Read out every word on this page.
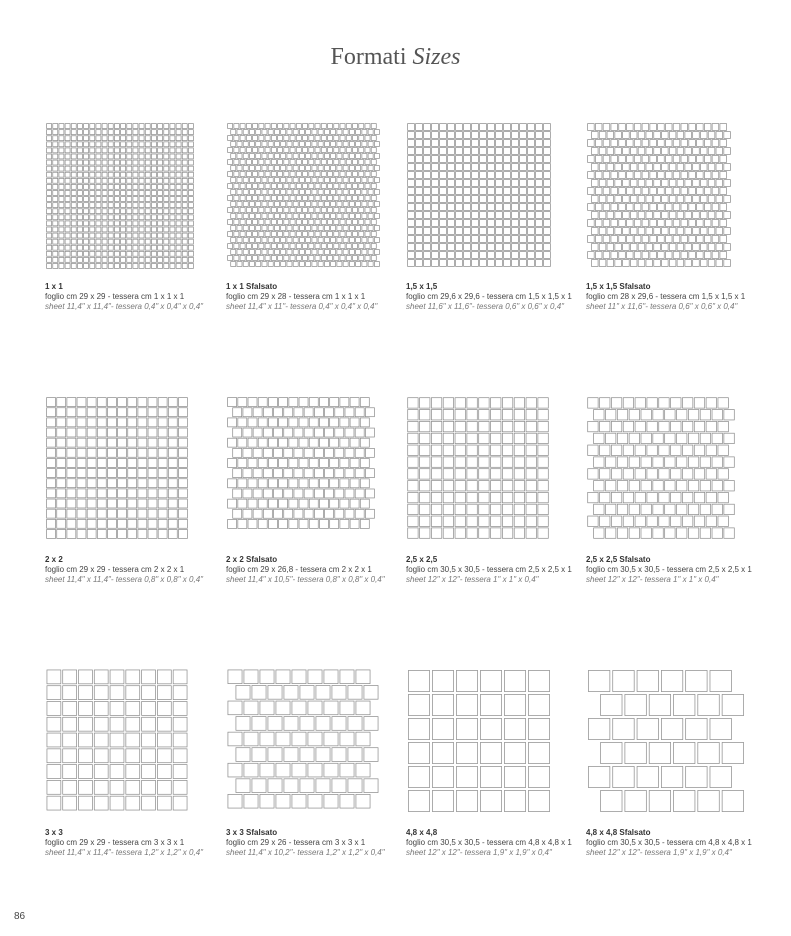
Formati Sizes
1 x 1
foglio cm 29 x 29 - tessera cm 1 x 1 x 1
sheet 11,4" x 11,4"- tessera 0,4" x 0,4" x 0,4"
1 x 1 Sfalsato
foglio cm 29 x 28 - tessera cm 1 x 1 x 1
sheet 11,4" x 11"- tessera 0,4" x 0,4" x 0,4"
1,5 x 1,5
foglio cm 29,6 x 29,6 - tessera cm 1,5 x 1,5 x 1
sheet 11,6" x 11,6"- tessera 0,6" x 0,6" x 0,4"
1,5 x 1,5 Sfalsato
foglio cm 28 x 29,6 - tessera cm 1,5 x 1,5 x 1
sheet 11" x 11,6"- tessera 0,6" x 0,6" x 0,4"
2 x 2
foglio cm 29 x 29 - tessera cm 2 x 2 x 1
sheet 11,4" x 11,4"- tessera 0,8" x 0,8" x 0,4"
2 x 2 Sfalsato
foglio cm 29 x 26,8 - tessera cm 2 x 2 x 1
sheet 11,4" x 10,5"- tessera 0,8" x 0,8" x 0,4"
2,5 x 2,5
foglio cm 30,5 x 30,5 - tessera cm 2,5 x 2,5 x 1
sheet 12" x 12"- tessera 1" x 1" x 0,4"
2,5 x 2,5 Sfalsato
foglio cm 30,5 x 30,5 - tessera cm 2,5 x 2,5 x 1
sheet 12" x 12"- tessera 1" x 1" x 0,4"
3 x 3
foglio cm 29 x 29 - tessera cm 3 x 3 x 1
sheet 11,4" x 11,4"- tessera 1,2" x 1,2" x 0,4"
3 x 3 Sfalsato
foglio cm 29 x 26 - tessera cm 3 x 3 x 1
sheet 11,4" x 10,2"- tessera 1,2" x 1,2" x 0,4"
4,8 x 4,8
foglio cm 30,5 x 30,5 - tessera cm 4,8 x 4,8 x 1
sheet 12" x 12"- tessera 1,9" x 1,9" x 0,4"
4,8 x 4,8 Sfalsato
foglio cm 30,5 x 30,5 - tessera cm 4,8 x 4,8 x 1
sheet 12" x 12"- tessera 1,9" x 1,9" x 0,4"
86
